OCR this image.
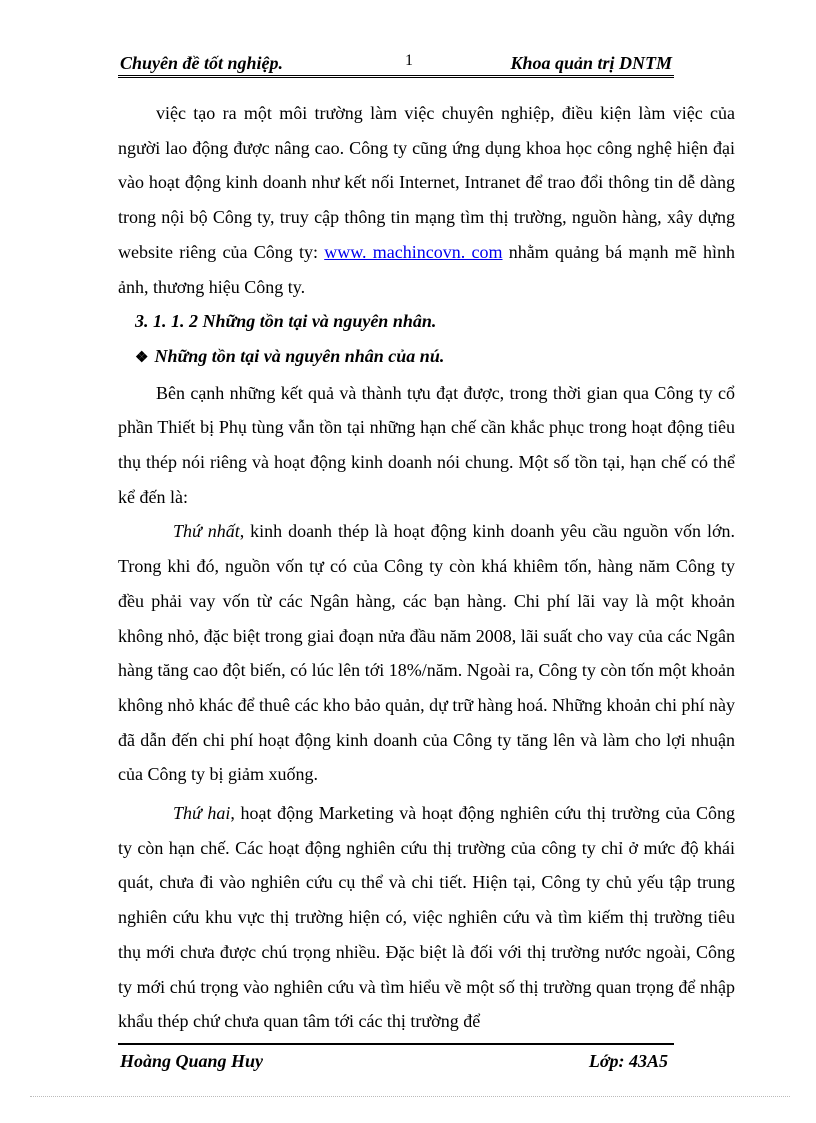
Chuyên đề tốt nghiệp.	1	Khoa quản trị DNTM

việc tạo ra một môi trường làm việc chuyên nghiệp, điều kiện làm việc của người lao động được nâng cao. Công ty cũng ứng dụng khoa học công nghệ hiện đại vào hoạt động kinh doanh như kết nối Internet, Intranet để trao đổi thông tin dễ dàng trong nội bộ Công ty, truy cập thông tin mạng tìm thị trường, nguồn hàng, xây dựng website riêng của Công ty: www. machincovn. com nhằm quảng bá mạnh mẽ hình ảnh, thương hiệu Công ty.

3. 1. 1. 2 Những tồn tại và nguyên nhân.

❖ Những tồn tại và nguyên nhân của nú.

Bên cạnh những kết quả và thành tựu đạt được, trong thời gian qua Công ty cổ phần Thiết bị Phụ tùng vẫn tồn tại những hạn chế cần khắc phục trong hoạt động tiêu thụ thép nói riêng và hoạt động kinh doanh nói chung. Một số tồn tại, hạn chế có thể kể đến là:

Thứ nhất, kinh doanh thép là hoạt động kinh doanh yêu cầu nguồn vốn lớn. Trong khi đó, nguồn vốn tự có của Công ty còn khá khiêm tốn, hàng năm Công ty đều phải vay vốn từ các Ngân hàng, các bạn hàng. Chi phí lãi vay là một khoản không nhỏ, đặc biệt trong giai đoạn nửa đầu năm 2008, lãi suất cho vay của các Ngân hàng tăng cao đột biến, có lúc lên tới 18%/năm. Ngoài ra, Công ty còn tốn một khoản không nhỏ khác để thuê các kho bảo quản, dự trữ hàng hoá. Những khoản chi phí này đã dẫn đến chi phí hoạt động kinh doanh của Công ty tăng lên và làm cho lợi nhuận của Công ty bị giảm xuống.

Thứ hai, hoạt động Marketing và hoạt động nghiên cứu thị trường của Công ty còn hạn chế. Các hoạt động nghiên cứu thị trường của công ty chỉ ở mức độ khái quát, chưa đi vào nghiên cứu cụ thể và chi tiết. Hiện tại, Công ty chủ yếu tập trung nghiên cứu khu vực thị trường hiện có, việc nghiên cứu và tìm kiếm thị trường tiêu thụ mới chưa được chú trọng nhiều. Đặc biệt là đối với thị trường nước ngoài, Công ty mới chú trọng vào nghiên cứu và tìm hiểu về một số thị trường quan trọng để nhập khẩu thép chứ chưa quan tâm tới các thị trường để

Hoàng Quang Huy	Lớp: 43A5
